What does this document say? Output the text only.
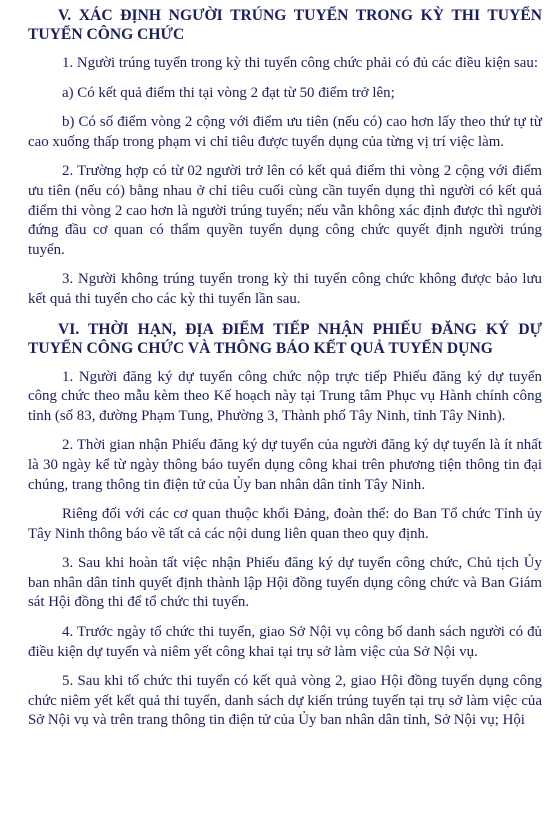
V. XÁC ĐỊNH NGƯỜI TRÚNG TUYỂN TRONG KỲ THI TUYỂN TUYỂN CÔNG CHỨC
1. Người trúng tuyển trong kỳ thi tuyển công chức phải có đủ các điều kiện sau:
a) Có kết quả điểm thi tại vòng 2 đạt từ 50 điểm trở lên;
b) Có số điểm vòng 2 cộng với điểm ưu tiên (nếu có) cao hơn lấy theo thứ tự từ cao xuống thấp trong phạm vi chỉ tiêu được tuyển dụng của từng vị trí việc làm.
2. Trường hợp có từ 02 người trở lên có kết quả điểm thi vòng 2 cộng với điểm ưu tiên (nếu có) bằng nhau ở chỉ tiêu cuối cùng cần tuyển dụng thì người có kết quả điểm thi vòng 2 cao hơn là người trúng tuyển; nếu vẫn không xác định được thì người đứng đầu cơ quan có thẩm quyền tuyển dụng công chức quyết định người trúng tuyển.
3. Người không trúng tuyển trong kỳ thi tuyển công chức không được bảo lưu kết quả thi tuyển cho các kỳ thi tuyển lần sau.
VI. THỜI HẠN, ĐỊA ĐIỂM TIẾP NHẬN PHIẾU ĐĂNG KÝ DỰ TUYỂN CÔNG CHỨC VÀ THÔNG BÁO KẾT QUẢ TUYỂN DỤNG
1. Người đăng ký dự tuyển công chức nộp trực tiếp Phiếu đăng ký dự tuyển công chức theo mẫu kèm theo Kế hoạch này tại Trung tâm Phục vụ Hành chính công tỉnh (số 83, đường Phạm Tung, Phường 3, Thành phố Tây Ninh, tỉnh Tây Ninh).
2. Thời gian nhận Phiếu đăng ký dự tuyển của người đăng ký dự tuyển là ít nhất là 30 ngày kể từ ngày thông báo tuyển dụng công khai trên phương tiện thông tin đại chúng, trang thông tin điện tử của Ủy ban nhân dân tỉnh Tây Ninh.
Riêng đối với các cơ quan thuộc khối Đảng, đoàn thể: do Ban Tổ chức Tỉnh ủy Tây Ninh thông báo về tất cả các nội dung liên quan theo quy định.
3. Sau khi hoàn tất việc nhận Phiếu đăng ký dự tuyển công chức, Chủ tịch Ủy ban nhân dân tỉnh quyết định thành lập Hội đồng tuyển dụng công chức và Ban Giám sát Hội đồng thi để tổ chức thi tuyển.
4. Trước ngày tổ chức thi tuyển, giao Sở Nội vụ công bố danh sách người có đủ điều kiện dự tuyển và niêm yết công khai tại trụ sở làm việc của Sở Nội vụ.
5. Sau khi tổ chức thi tuyển có kết quả vòng 2, giao Hội đồng tuyển dụng công chức niêm yết kết quả thi tuyển, danh sách dự kiến trúng tuyển tại trụ sở làm việc của Sở Nội vụ và trên trang thông tin điện tử của Ủy ban nhân dân tỉnh, Sở Nội vụ; Hội
